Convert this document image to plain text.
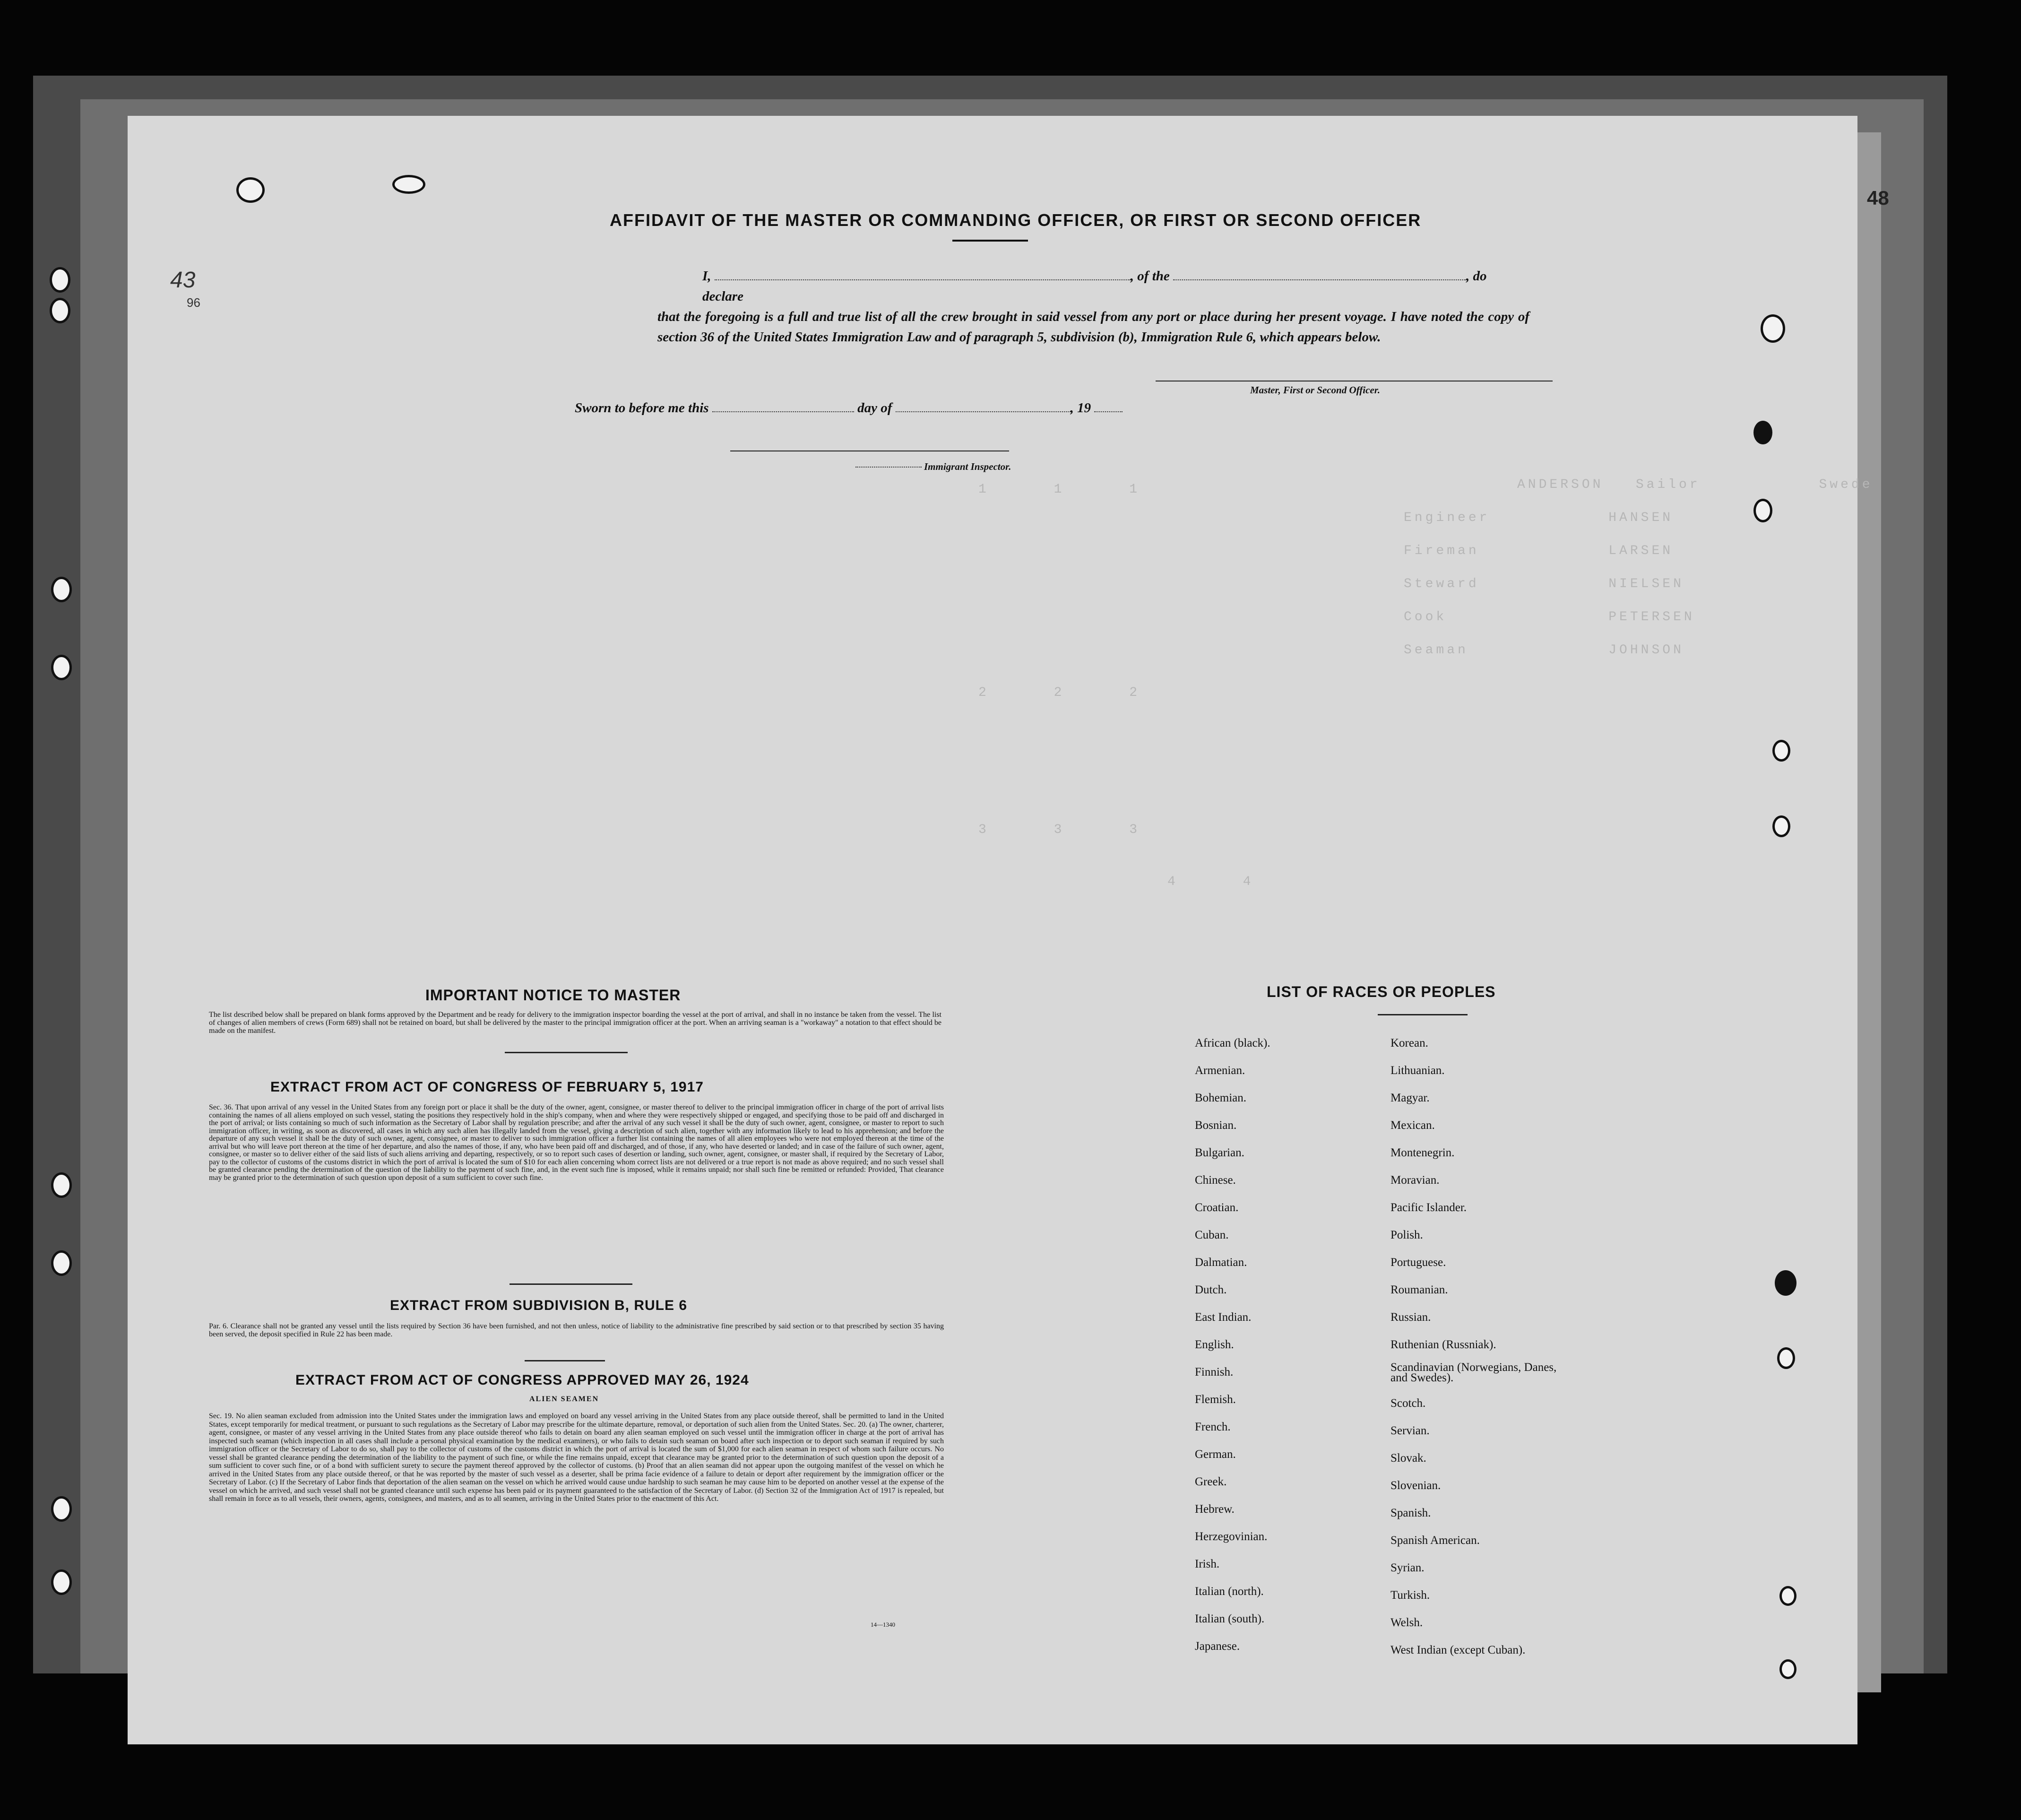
48
ANDERSON   Sailor           Swede
Engineer           HANSEN
Fireman            LARSEN
Steward            NIELSEN
Cook               PETERSEN
Seaman             JOHNSON
1      1      1
2      2      2
3      3      3
4      4
43
96
AFFIDAVIT OF THE MASTER OR COMMANDING OFFICER, OR FIRST OR SECOND OFFICER
I,	, of the	, do declare
that the foregoing is a full and true list of all the crew brought in said vessel from any port or place during her present voyage. I have noted the copy of section 36 of the United States Immigration Law and of paragraph 5, subdivision (b), Immigration Rule 6, which appears below.
Master, First or Second Officer.
Sworn to before me this	day of	, 19
Immigrant Inspector.
IMPORTANT NOTICE TO MASTER
The list described below shall be prepared on blank forms approved by the Department and be ready for delivery to the immigration inspector boarding the vessel at the port of arrival, and shall in no instance be taken from the vessel. The list of changes of alien members of crews (Form 689) shall not be retained on board, but shall be delivered by the master to the principal immigration officer at the port. When an arriving seaman is a "workaway" a notation to that effect should be made on the manifest.
EXTRACT FROM ACT OF CONGRESS OF FEBRUARY 5, 1917
Sec. 36. That upon arrival of any vessel in the United States from any foreign port or place it shall be the duty of the owner, agent, consignee, or master thereof to deliver to the principal immigration officer in charge of the port of arrival lists containing the names of all aliens employed on such vessel, stating the positions they respectively hold in the ship's company, when and where they were respectively shipped or engaged, and specifying those to be paid off and discharged in the port of arrival; or lists containing so much of such information as the Secretary of Labor shall by regulation prescribe; and after the arrival of any such vessel it shall be the duty of such owner, agent, consignee, or master to report to such immigration officer, in writing, as soon as discovered, all cases in which any such alien has illegally landed from the vessel, giving a description of such alien, together with any information likely to lead to his apprehension; and before the departure of any such vessel it shall be the duty of such owner, agent, consignee, or master to deliver to such immigration officer a further list containing the names of all alien employees who were not employed thereon at the time of the arrival but who will leave port thereon at the time of her departure, and also the names of those, if any, who have been paid off and discharged, and of those, if any, who have deserted or landed; and in case of the failure of such owner, agent, consignee, or master so to deliver either of the said lists of such aliens arriving and departing, respectively, or so to report such cases of desertion or landing, such owner, agent, consignee, or master shall, if required by the Secretary of Labor, pay to the collector of customs of the customs district in which the port of arrival is located the sum of $10 for each alien concerning whom correct lists are not delivered or a true report is not made as above required; and no such vessel shall be granted clearance pending the determination of the question of the liability to the payment of such fine, and, in the event such fine is imposed, while it remains unpaid; nor shall such fine be remitted or refunded: Provided, That clearance may be granted prior to the determination of such question upon deposit of a sum sufficient to cover such fine.
EXTRACT FROM SUBDIVISION B, RULE 6
Par. 6. Clearance shall not be granted any vessel until the lists required by Section 36 have been furnished, and not then unless, notice of liability to the administrative fine prescribed by said section or to that prescribed by section 35 having been served, the deposit specified in Rule 22 has been made.
EXTRACT FROM ACT OF CONGRESS APPROVED MAY 26, 1924
ALIEN SEAMEN
Sec. 19. No alien seaman excluded from admission into the United States under the immigration laws and employed on board any vessel arriving in the United States from any place outside thereof, shall be permitted to land in the United States, except temporarily for medical treatment, or pursuant to such regulations as the Secretary of Labor may prescribe for the ultimate departure, removal, or deportation of such alien from the United States. Sec. 20. (a) The owner, charterer, agent, consignee, or master of any vessel arriving in the United States from any place outside thereof who fails to detain on board any alien seaman employed on such vessel until the immigration officer in charge at the port of arrival has inspected such seaman (which inspection in all cases shall include a personal physical examination by the medical examiners), or who fails to detain such seaman on board after such inspection or to deport such seaman if required by such immigration officer or the Secretary of Labor to do so, shall pay to the collector of customs of the customs district in which the port of arrival is located the sum of $1,000 for each alien seaman in respect of whom such failure occurs. No vessel shall be granted clearance pending the determination of the liability to the payment of such fine, or while the fine remains unpaid, except that clearance may be granted prior to the determination of such question upon the deposit of a sum sufficient to cover such fine, or of a bond with sufficient surety to secure the payment thereof approved by the collector of customs. (b) Proof that an alien seaman did not appear upon the outgoing manifest of the vessel on which he arrived in the United States from any place outside thereof, or that he was reported by the master of such vessel as a deserter, shall be prima facie evidence of a failure to detain or deport after requirement by the immigration officer or the Secretary of Labor. (c) If the Secretary of Labor finds that deportation of the alien seaman on the vessel on which he arrived would cause undue hardship to such seaman he may cause him to be deported on another vessel at the expense of the vessel on which he arrived, and such vessel shall not be granted clearance until such expense has been paid or its payment guaranteed to the satisfaction of the Secretary of Labor. (d) Section 32 of the Immigration Act of 1917 is repealed, but shall remain in force as to all vessels, their owners, agents, consignees, and masters, and as to all seamen, arriving in the United States prior to the enactment of this Act.
14—1340
LIST OF RACES OR PEOPLES
African (black).
Armenian.
Bohemian.
Bosnian.
Bulgarian.
Chinese.
Croatian.
Cuban.
Dalmatian.
Dutch.
East Indian.
English.
Finnish.
Flemish.
French.
German.
Greek.
Hebrew.
Herzegovinian.
Irish.
Italian (north).
Italian (south).
Japanese.
Korean.
Lithuanian.
Magyar.
Mexican.
Montenegrin.
Moravian.
Pacific Islander.
Polish.
Portuguese.
Roumanian.
Russian.
Ruthenian (Russniak).
Scandinavian (Norwegians, Danes, and Swedes).
Scotch.
Servian.
Slovak.
Slovenian.
Spanish.
Spanish American.
Syrian.
Turkish.
Welsh.
West Indian (except Cuban).
